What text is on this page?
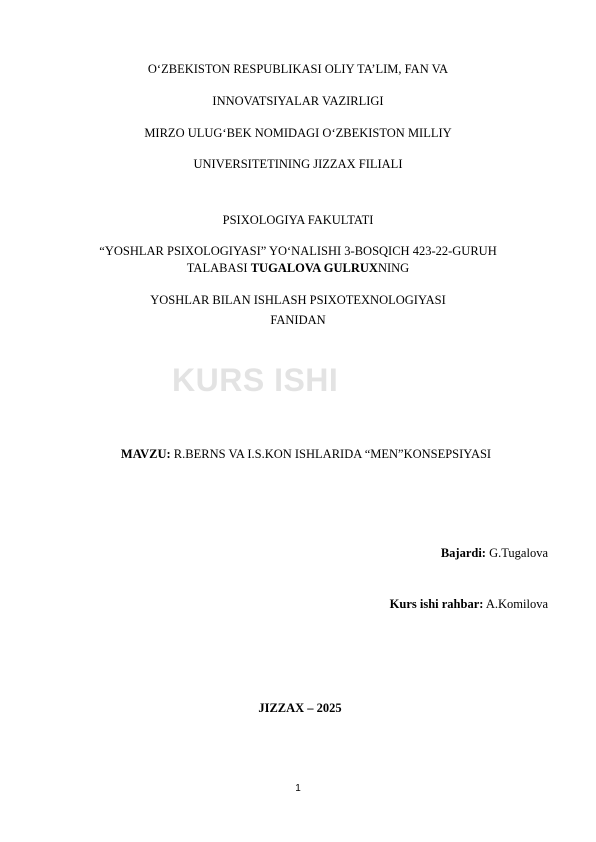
O‘ZBEKISTON RESPUBLIKASI OLIY TA’LIM, FAN VA
INNOVATSIYALAR VAZIRLIGI
MIRZO ULUG‘BEK NOMIDAGI O‘ZBEKISTON MILLIY
UNIVERSITETINING JIZZAX FILIALI
PSIXOLOGIYA FAKULTATI
“YOSHLAR PSIXOLOGIYASI” YO‘NALISHI 3-BOSQICH 423-22-GURUH
TALABASI TUGALOVA GULRUXNING
YOSHLAR BILAN ISHLASH PSIXOTEXNOLOGIYASI
FANIDAN
KURS ISHI
MAVZU: R.BERNS VA I.S.KON ISHLARIDA “MEN”KONSEPSIYASI
Bajardi: G.Tugalova
Kurs ishi rahbar: A.Komilova
JIZZAX – 2025
1
